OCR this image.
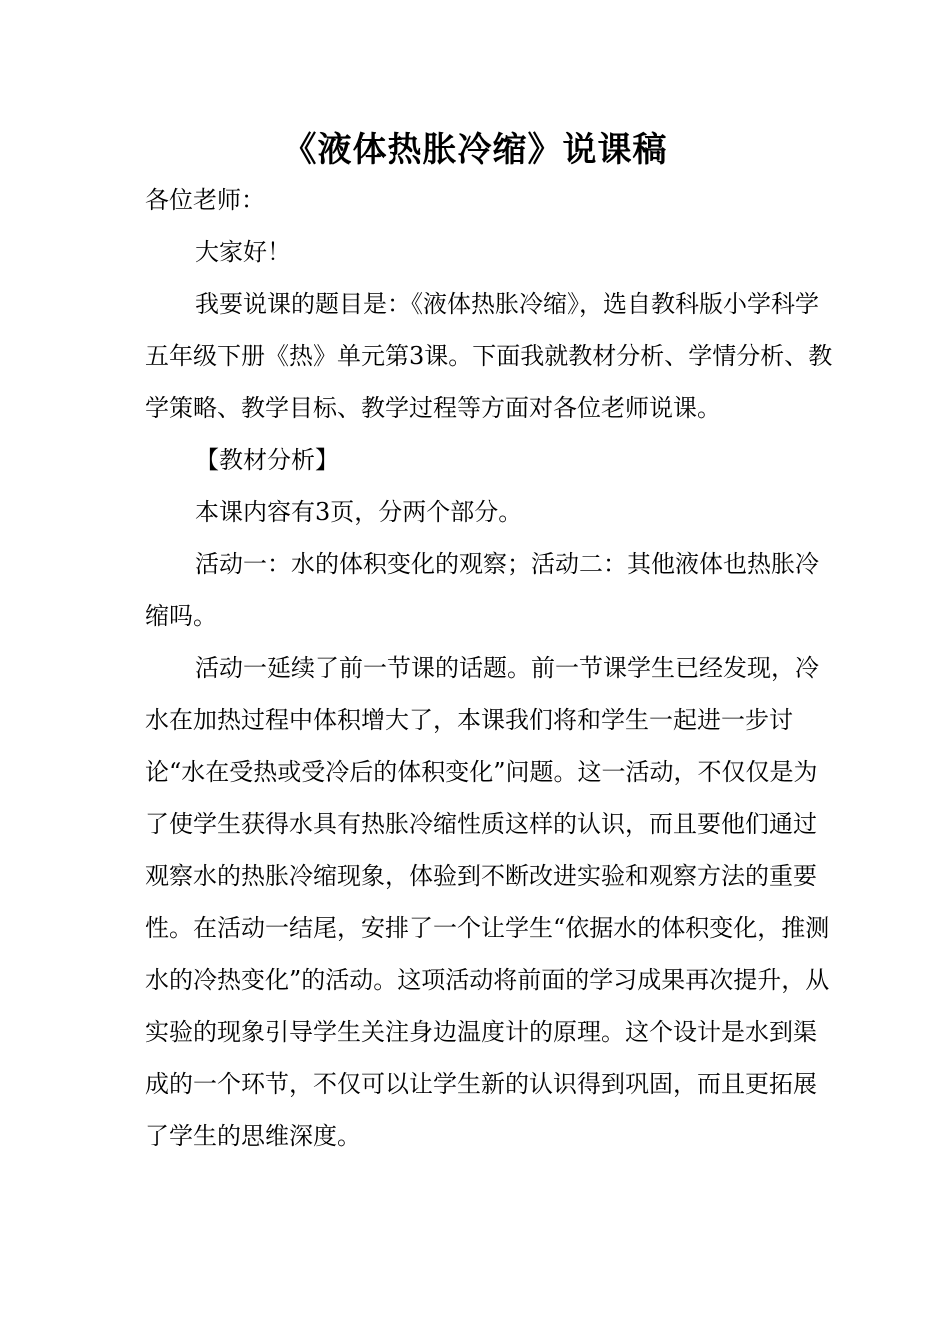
《液体热胀冷缩》说课稿

各位老师：

大家好！

我要说课的题目是：《液体热胀冷缩》，选自教科版小学科学五年级下册《热》单元第3课。下面我就教材分析、学情分析、教学策略、教学目标、教学过程等方面对各位老师说课。

【教材分析】

本课内容有3页，分两个部分。

活动一：水的体积变化的观察；活动二：其他液体也热胀冷缩吗。

活动一延续了前一节课的话题。前一节课学生已经发现，冷水在加热过程中体积增大了，本课我们将和学生一起进一步讨论“水在受热或受冷后的体积变化”问题。这一活动，不仅仅是为了使学生获得水具有热胀冷缩性质这样的认识，而且要他们通过观察水的热胀冷缩现象，体验到不断改进实验和观察方法的重要性。在活动一结尾，安排了一个让学生“依据水的体积变化，推测水的冷热变化”的活动。这项活动将前面的学习成果再次提升，从实验的现象引导学生关注身边温度计的原理。这个设计是水到渠成的一个环节，不仅可以让学生新的认识得到巩固，而且更拓展了学生的思维深度。
